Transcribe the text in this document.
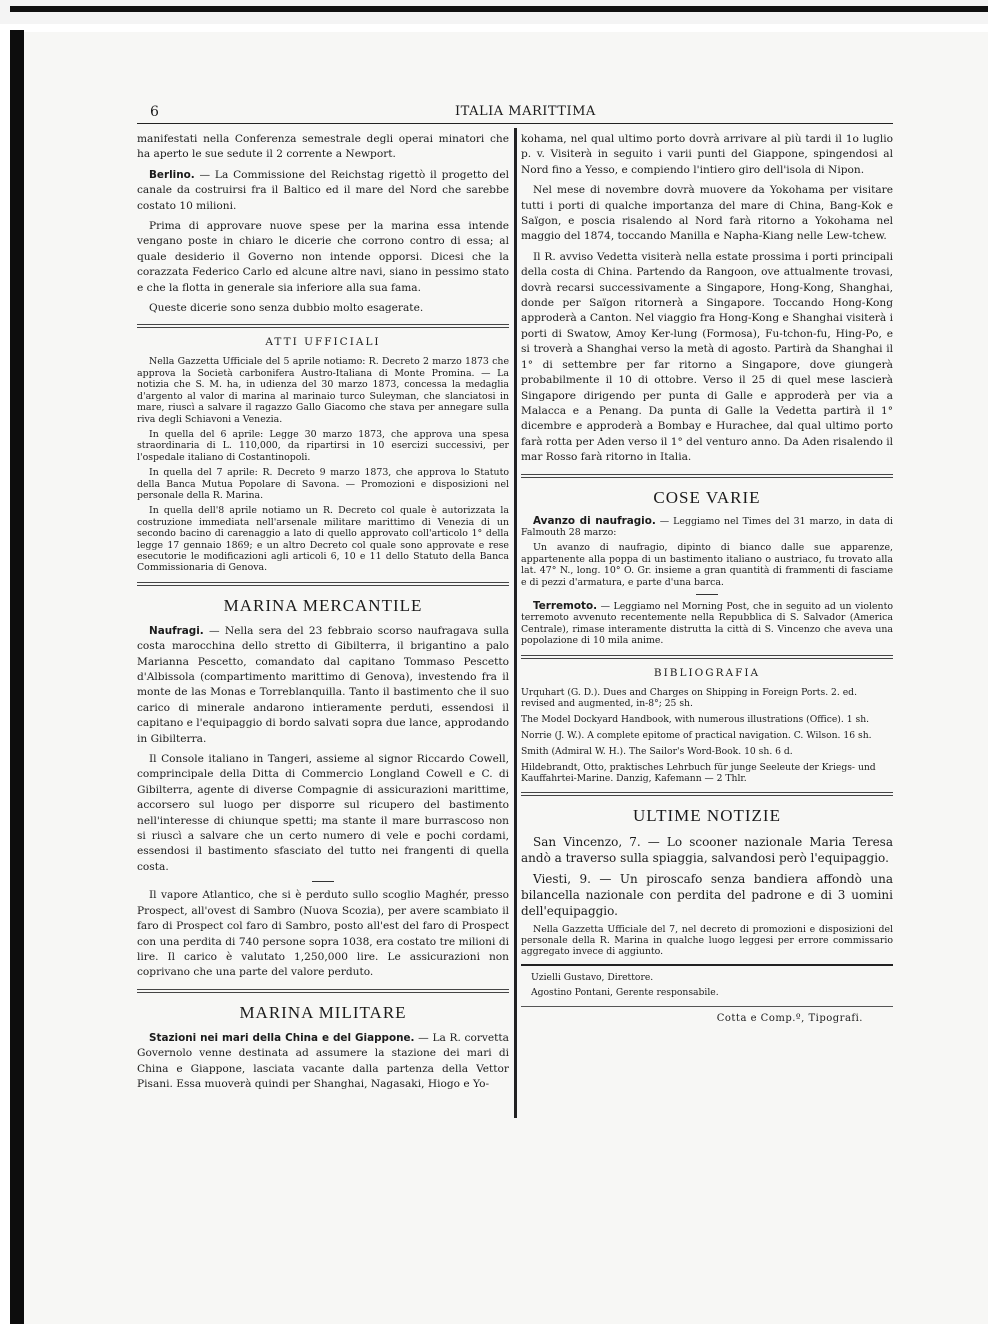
6	ITALIA MARITTIMA

manifestati nella Conferenza semestrale degli operai minatori che ha aperto le sue sedute il 2 corrente a Newport.

Berlino. — La Commissione del Reichstag rigettò il progetto del canale da costruirsi fra il Baltico ed il mare del Nord che sarebbe costato 10 milioni.

Prima di approvare nuove spese per la marina essa intende vengano poste in chiaro le dicerie che corrono contro di essa; al quale desiderio il Governo non intende opporsi. Dicesi che la corazzata Federico Carlo ed alcune altre navi, siano in pessimo stato e che la flotta in generale sia inferiore alla sua fama.

Queste dicerie sono senza dubbio molto esagerate.

ATTI UFFICIALI

Nella Gazzetta Ufficiale del 5 aprile notiamo: R. Decreto 2 marzo 1873 che approva la Società carbonifera Austro-Italiana di Monte Promina. — La notizia che S. M. ha, in udienza del 30 marzo 1873, concessa la medaglia d'argento al valor di marina al marinaio turco Suleyman, che slanciatosi in mare, riuscì a salvare il ragazzo Gallo Giacomo che stava per annegare sulla riva degli Schiavoni a Venezia.

In quella del 6 aprile: Legge 30 marzo 1873, che approva una spesa straordinaria di L. 110,000, da ripartirsi in 10 esercizi successivi, per l'ospedale italiano di Costantinopoli.

In quella del 7 aprile: R. Decreto 9 marzo 1873, che approva lo Statuto della Banca Mutua Popolare di Savona. — Promozioni e disposizioni nel personale della R. Marina.

In quella dell'8 aprile notiamo un R. Decreto col quale è autorizzata la costruzione immediata nell'arsenale militare marittimo di Venezia di un secondo bacino di carenaggio a lato di quello approvato coll'articolo 1° della legge 17 gennaio 1869; e un altro Decreto col quale sono approvate e rese esecutorie le modificazioni agli articoli 6, 10 e 11 dello Statuto della Banca Commissionaria di Genova.

MARINA MERCANTILE

Naufragi. — Nella sera del 23 febbraio scorso naufragava sulla costa marocchina dello stretto di Gibilterra, il brigantino a palo Marianna Pescetto, comandato dal capitano Tommaso Pescetto d'Albissola (compartimento marittimo di Genova), investendo fra il monte de las Monas e Torreblanquilla. Tanto il bastimento che il suo carico di minerale andarono intieramente perduti, essendosi il capitano e l'equipaggio di bordo salvati sopra due lance, approdando in Gibilterra.

Il Console italiano in Tangeri, assieme al signor Riccardo Cowell, comprincipale della Ditta di Commercio Longland Cowell e C. di Gibilterra, agente di diverse Compagnie di assicurazioni marittime, accorsero sul luogo per disporre sul ricupero del bastimento nell'interesse di chiunque spetti; ma stante il mare burrascoso non si riuscì a salvare che un certo numero di vele e pochi cordami, essendosi il bastimento sfasciato del tutto nei frangenti di quella costa.

Il vapore Atlantico, che si è perduto sullo scoglio Maghér, presso Prospect, all'ovest di Sambro (Nuova Scozia), per avere scambiato il faro di Prospect col faro di Sambro, posto all'est del faro di Prospect con una perdita di 740 persone sopra 1038, era costato tre milioni di lire. Il carico è valutato 1,250,000 lire. Le assicurazioni non coprivano che una parte del valore perduto.

MARINA MILITARE

Stazioni nei mari della China e del Giappone. — La R. corvetta Governolo venne destinata ad assumere la stazione dei mari di China e Giappone, lasciata vacante dalla partenza della Vettor Pisani. Essa muoverà quindi per Shanghai, Nagasaki, Hiogo e Yo-

kohama, nel qual ultimo porto dovrà arrivare al più tardi il 1o luglio p. v. Visiterà in seguito i varii punti del Giappone, spingendosi al Nord fino a Yesso, e compiendo l'intiero giro dell'isola di Nipon.

Nel mese di novembre dovrà muovere da Yokohama per visitare tutti i porti di qualche importanza del mare di China, Bang-Kok e Saïgon, e poscia risalendo al Nord farà ritorno a Yokohama nel maggio del 1874, toccando Manilla e Napha-Kiang nelle Lew-tchew.

Il R. avviso Vedetta visiterà nella estate prossima i porti principali della costa di China. Partendo da Rangoon, ove attualmente trovasi, dovrà recarsi successivamente a Singapore, Hong-Kong, Shanghai, donde per Saïgon ritornerà a Singapore. Toccando Hong-Kong approderà a Canton. Nel viaggio fra Hong-Kong e Shanghai visiterà i porti di Swatow, Amoy Ker-lung (Formosa), Fu-tchon-fu, Hing-Po, e si troverà a Shanghai verso la metà di agosto. Partirà da Shanghai il 1° di settembre per far ritorno a Singapore, dove giungerà probabilmente il 10 di ottobre. Verso il 25 di quel mese lascierà Singapore dirigendo per punta di Galle e approderà per via a Malacca e a Penang. Da punta di Galle la Vedetta partirà il 1° dicembre e approderà a Bombay e Hurachee, dal qual ultimo porto farà rotta per Aden verso il 1° del venturo anno. Da Aden risalendo il mar Rosso farà ritorno in Italia.

COSE VARIE

Avanzo di naufragio. — Leggiamo nel Times del 31 marzo, in data di Falmouth 28 marzo:

Un avanzo di naufragio, dipinto di bianco dalle sue apparenze, appartenente alla poppa di un bastimento italiano o austriaco, fu trovato alla lat. 47° N., long. 10° O. Gr. insieme a gran quantità di frammenti di fasciame e di pezzi d'armatura, e parte d'una barca.

Terremoto. — Leggiamo nel Morning Post, che in seguito ad un violento terremoto avvenuto recentemente nella Repubblica di S. Salvador (America Centrale), rimase interamente distrutta la città di S. Vincenzo che aveva una popolazione di 10 mila anime.

BIBLIOGRAFIA

Urquhart (G. D.). Dues and Charges on Shipping in Foreign Ports. 2. ed. revised and augmented, in-8°; 25 sh.

The Model Dockyard Handbook, with numerous illustrations (Office). 1 sh.

Norrie (J. W.). A complete epitome of practical navigation. C. Wilson. 16 sh.

Smith (Admiral W. H.). The Sailor's Word-Book. 10 sh. 6 d.

Hildebrandt, Otto, praktisches Lehrbuch für junge Seeleute der Kriegs- und Kauffahrtei-Marine. Danzig, Kafemann — 2 Thlr.

ULTIME NOTIZIE

San Vincenzo, 7. — Lo scooner nazionale Maria Teresa andò a traverso sulla spiaggia, salvandosi però l'equipaggio.

Viesti, 9. — Un piroscafo senza bandiera affondò una bilancella nazionale con perdita del padrone e di 3 uomini dell'equipaggio.

Nella Gazzetta Ufficiale del 7, nel decreto di promozioni e disposizioni del personale della R. Marina in qualche luogo leggesi per errore commissario aggregato invece di aggiunto.

Uzielli Gustavo, Direttore.

Agostino Pontani, Gerente responsabile.

Cotta e Comp.º, Tipografi.
